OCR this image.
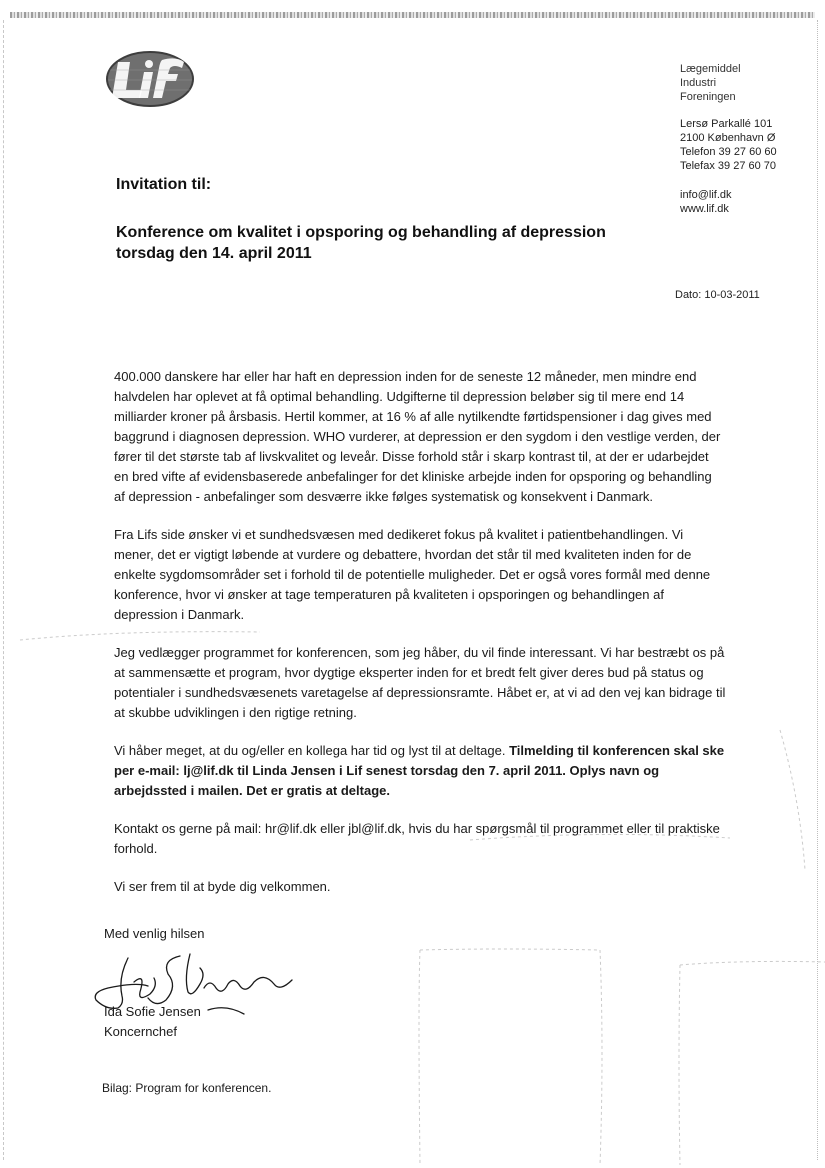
Lægemiddel
Industri
Foreningen
Lersø Parkallé 101
2100 København Ø
Telefon 39 27 60 60
Telefax 39 27 60 70
info@lif.dk
www.lif.dk
Invitation til:
Konference om kvalitet i opsporing og behandling af depression
torsdag den 14. april 2011
Dato: 10-03-2011

400.000 danskere har eller har haft en depression inden for de seneste 12 måneder, men mindre end halvdelen har oplevet at få optimal behandling. Udgifterne til depression beløber sig til mere end 14 milliarder kroner på årsbasis. Hertil kommer, at 16 % af alle nytilkendte førtidspensioner i dag gives med baggrund i diagnosen depression. WHO vurderer, at depression er den sygdom i den vestlige verden, der fører til det største tab af livskvalitet og leveår. Disse forhold står i skarp kontrast til, at der er udarbejdet en bred vifte af evidensbaserede anbefalinger for det kliniske arbejde inden for opsporing og behandling af depression - anbefalinger som desværre ikke følges systematisk og konsekvent i Danmark.

Fra Lifs side ønsker vi et sundhedsvæsen med dedikeret fokus på kvalitet i patientbehandlingen. Vi mener, det er vigtigt løbende at vurdere og debattere, hvordan det står til med kvaliteten inden for de enkelte sygdomsområder set i forhold til de potentielle muligheder. Det er også vores formål med denne konference, hvor vi ønsker at tage temperaturen på kvaliteten i opsporingen og behandlingen af depression i Danmark.

Jeg vedlægger programmet for konferencen, som jeg håber, du vil finde interessant. Vi har bestræbt os på at sammensætte et program, hvor dygtige eksperter inden for et bredt felt giver deres bud på status og potentialer i sundhedsvæsenets varetagelse af depressionsramte. Håbet er, at vi ad den vej kan bidrage til at skubbe udviklingen i den rigtige retning.

Vi håber meget, at du og/eller en kollega har tid og lyst til at deltage. Tilmelding til konferencen skal ske per e-mail: lj@lif.dk til Linda Jensen i Lif senest torsdag den 7. april 2011. Oplys navn og arbejdssted i mailen. Det er gratis at deltage.

Kontakt os gerne på mail: hr@lif.dk eller jbl@lif.dk, hvis du har spørgsmål til programmet eller til praktiske forhold.

Vi ser frem til at byde dig velkommen.

Med venlig hilsen
Ida Sofie Jensen
Koncernchef
Bilag: Program for konferencen.
